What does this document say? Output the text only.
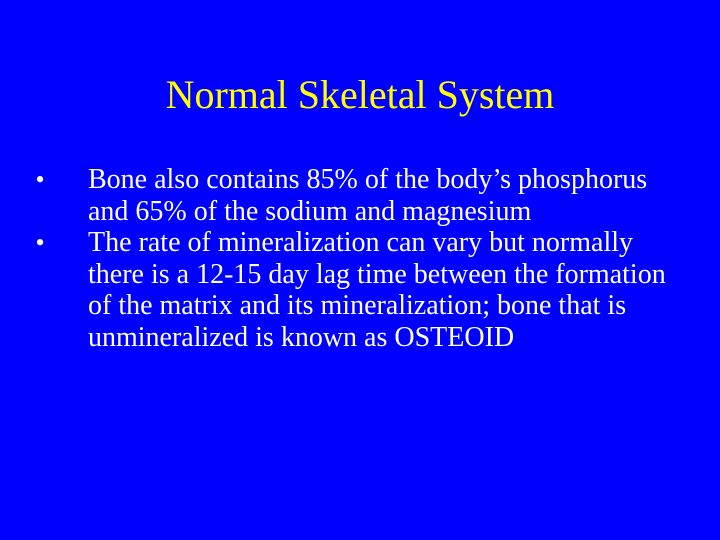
Normal Skeletal System
• Bone also contains 85% of the body’s phosphorus and 65% of the sodium and magnesium
• The rate of mineralization can vary but normally there is a 12-15 day lag time between the formation of the matrix and its mineralization; bone that is unmineralized is known as OSTEOID
